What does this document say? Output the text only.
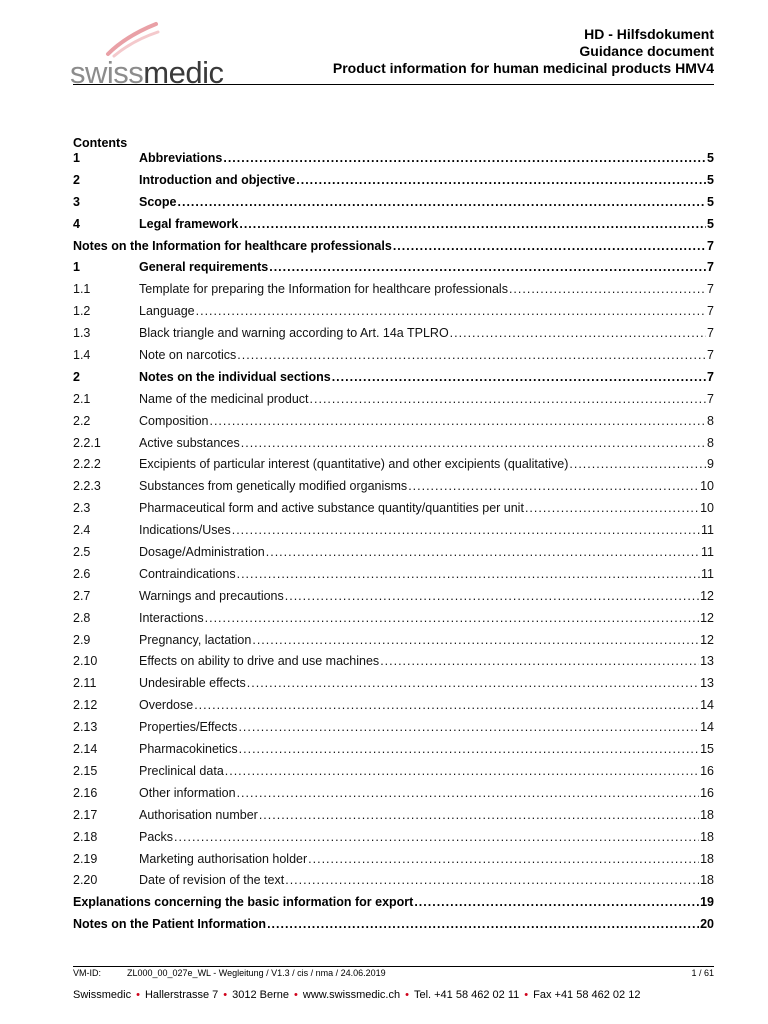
swissmedic
HD - Hilfsdokument
Guidance document
Product information for human medicinal products HMV4
Contents
1	Abbreviations .....	5
2	Introduction and objective .....	5
3	Scope .....	5
4	Legal framework .....	5
Notes on the Information for healthcare professionals .....	7
1	General requirements .....	7
1.1	Template for preparing the Information for healthcare professionals .....	7
1.2	Language .....	7
1.3	Black triangle and warning according to Art. 14a TPLRO .....	7
1.4	Note on narcotics .....	7
2	Notes on the individual sections .....	7
2.1	Name of the medicinal product .....	7
2.2	Composition .....	8
2.2.1	Active substances .....	8
2.2.2	Excipients of particular interest (quantitative) and other excipients (qualitative) .....	9
2.2.3	Substances from genetically modified organisms .....	10
2.3	Pharmaceutical form and active substance quantity/quantities per unit .....	10
2.4	Indications/Uses .....	11
2.5	Dosage/Administration .....	11
2.6	Contraindications .....	11
2.7	Warnings and precautions .....	12
2.8	Interactions .....	12
2.9	Pregnancy, lactation .....	12
2.10	Effects on ability to drive and use machines .....	13
2.11	Undesirable effects .....	13
2.12	Overdose .....	14
2.13	Properties/Effects .....	14
2.14	Pharmacokinetics .....	15
2.15	Preclinical data .....	16
2.16	Other information .....	16
2.17	Authorisation number .....	18
2.18	Packs .....	18
2.19	Marketing authorisation holder .....	18
2.20	Date of revision of the text .....	18
Explanations concerning the basic information for export .....	19
Notes on the Patient Information .....	20
VM-ID:	ZL000_00_027e_WL - Wegleitung / V1.3 / cis / nma / 24.06.2019	1 / 61
Swissmedic • Hallerstrasse 7 • 3012 Berne • www.swissmedic.ch • Tel. +41 58 462 02 11 • Fax +41 58 462 02 12
